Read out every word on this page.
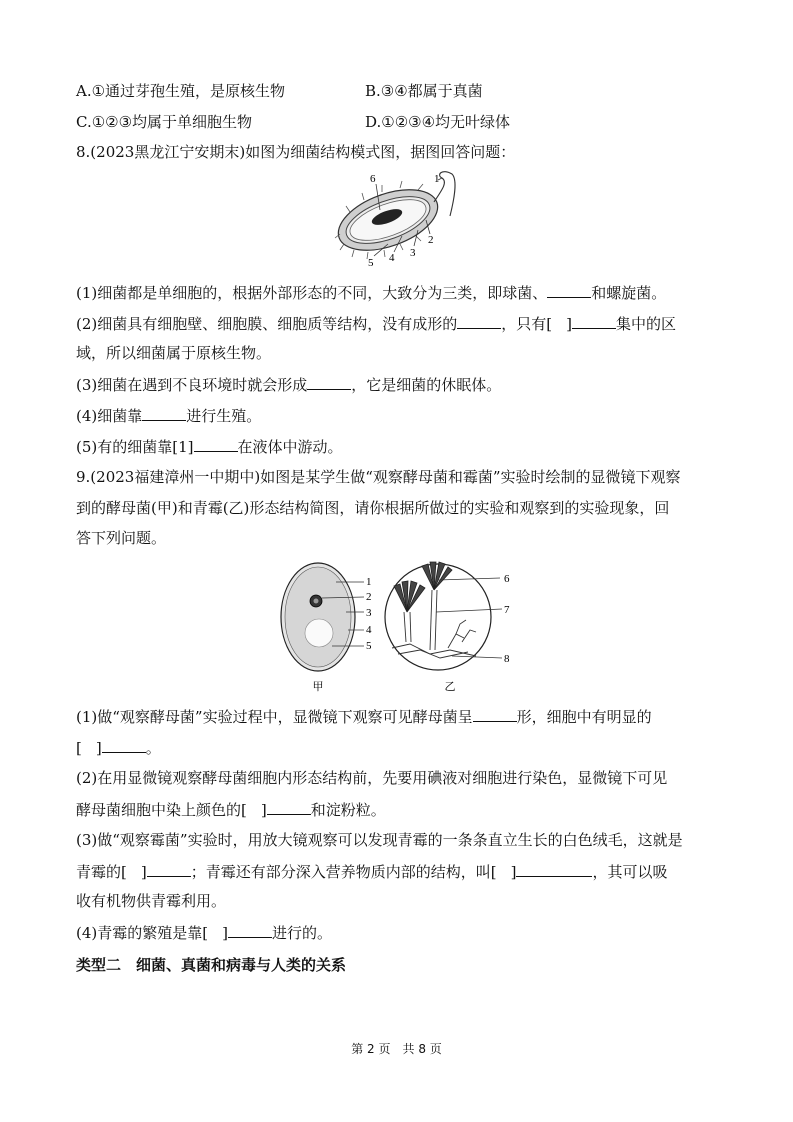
A.①通过芽孢生殖，是原核生物	B.③④都属于真菌
C.①②③均属于单细胞生物	D.①②③④均无叶绿体
8.(2023黑龙江宁安期末)如图为细菌结构模式图，据图回答问题：
1
2
3
4
5
6
(1)细菌都是单细胞的，根据外部形态的不同，大致分为三类，即球菌、	和螺旋菌。
(2)细菌具有细胞壁、细胞膜、细胞质等结构，没有成形的	，只有[ ]	集中的区
域，所以细菌属于原核生物。
(3)细菌在遇到不良环境时就会形成	，它是细菌的休眠体。
(4)细菌靠	进行生殖。
(5)有的细菌靠[1]	在液体中游动。
9.(2023福建漳州一中期中)如图是某学生做“观察酵母菌和霉菌”实验时绘制的显微镜下观察
到的酵母菌(甲)和青霉(乙)形态结构简图，请你根据所做过的实验和观察到的实验现象，回
答下列问题。
1
2
3
4
5
6
7
8
甲	乙
(1)做“观察酵母菌”实验过程中，显微镜下观察可见酵母菌呈	形，细胞中有明显的
[ ]	。
(2)在用显微镜观察酵母菌细胞内形态结构前，先要用碘液对细胞进行染色，显微镜下可见
酵母菌细胞中染上颜色的[ ]	和淀粉粒。
(3)做“观察霉菌”实验时，用放大镜观察可以发现青霉的一条条直立生长的白色绒毛，这就是
青霉的[ ]	；青霉还有部分深入营养物质内部的结构，叫[ ]	，其可以吸
收有机物供青霉利用。
(4)青霉的繁殖是靠[ ]	进行的。
类型二　细菌、真菌和病毒与人类的关系
第 2 页　共 8 页
